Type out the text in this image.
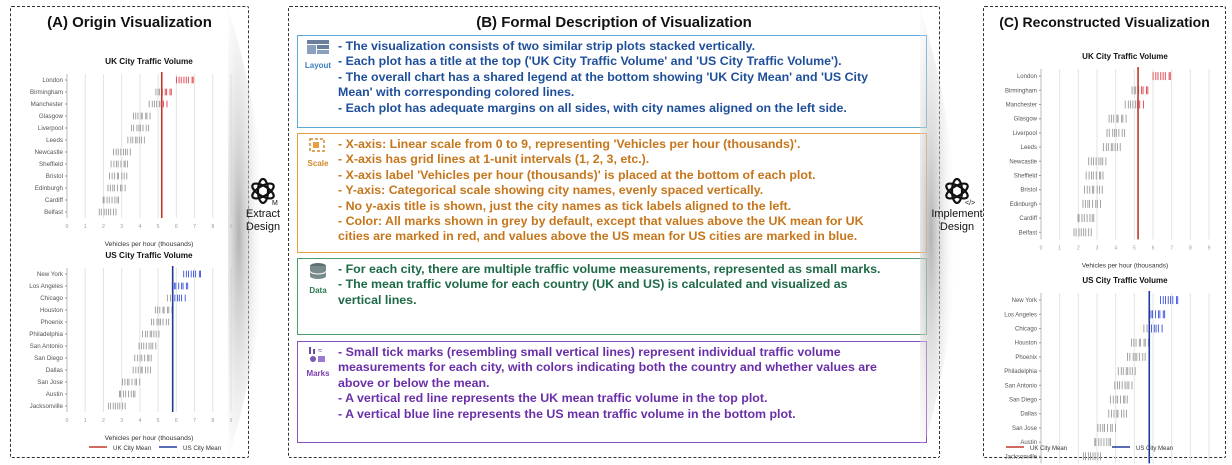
(A) Origin Visualization
UK City Traffic Volume
0	1	2	3	4	5	6	7	8
London
Birmingham
Manchester
Glasgow
Liverpool
Leeds
Newcastle
Sheffield
Bristol
Edinburgh
Cardiff
Belfast
Vehicles per hour (thousands)
US City Traffic Volume
0	1	2	3	4	5	6	7	8
New York
Los Angeles
Chicago
Houston
Phoenix
Philadelphia
San Antonio
San Diego
Dallas
San Jose
Austin
Jacksonville
Vehicles per hour (thousands)
UK City Mean	US City Mean
M
Extract
Design
(B) Formal Description of Visualization
Layout
- The visualization consists of two similar strip plots stacked vertically.
- Each plot has a title at the top ('UK City Traffic Volume' and 'US City Traffic Volume').
- The overall chart has a shared legend at the bottom showing 'UK City Mean' and 'US City
Mean' with corresponding colored lines.
- Each plot has adequate margins on all sides, with city names aligned on the left side.
Scale
- X-axis: Linear scale from 0 to 9, representing 'Vehicles per hour (thousands)'.
- X-axis has grid lines at 1-unit intervals (1, 2, 3, etc.).
- X-axis label 'Vehicles per hour (thousands)' is placed at the bottom of each plot.
- Y-axis: Categorical scale showing city names, evenly spaced vertically.
- No y-axis title is shown, just the city names as tick labels aligned to the left.
- Color: All marks shown in grey by default, except that values above the UK mean for UK
cities are marked in red, and values above the US mean for US cities are marked in blue.
Data
- For each city, there are multiple traffic volume measurements, represented as small marks.
- The mean traffic volume for each country (UK and US) is calculated and visualized as
vertical lines.
≈
Marks
- Small tick marks (resembling small vertical lines) represent individual traffic volume
measurements for each city, with colors indicating both the country and whether values are
above or below the mean.
- A vertical red line represents the UK mean traffic volume in the top plot.
- A vertical blue line represents the US mean traffic volume in the bottom plot.
</>
Implement
Design
(C) Reconstructed Visualization
UK City Traffic Volume
0	1	2	3	4	5	6	7	8	9
London
Birmingham
Manchester
Glasgow
Liverpool
Leeds
Newcastle
Sheffield
Bristol
Edinburgh
Cardiff
Belfast
Vehicles per hour (thousands)
US City Traffic Volume
New York
Los Angeles
Chicago
Houston
Phoenix
Philadelphia
San Antonio
San Diego
Dallas
San Jose
Austin
Jacksonville
UK City Mean	US City Mean
